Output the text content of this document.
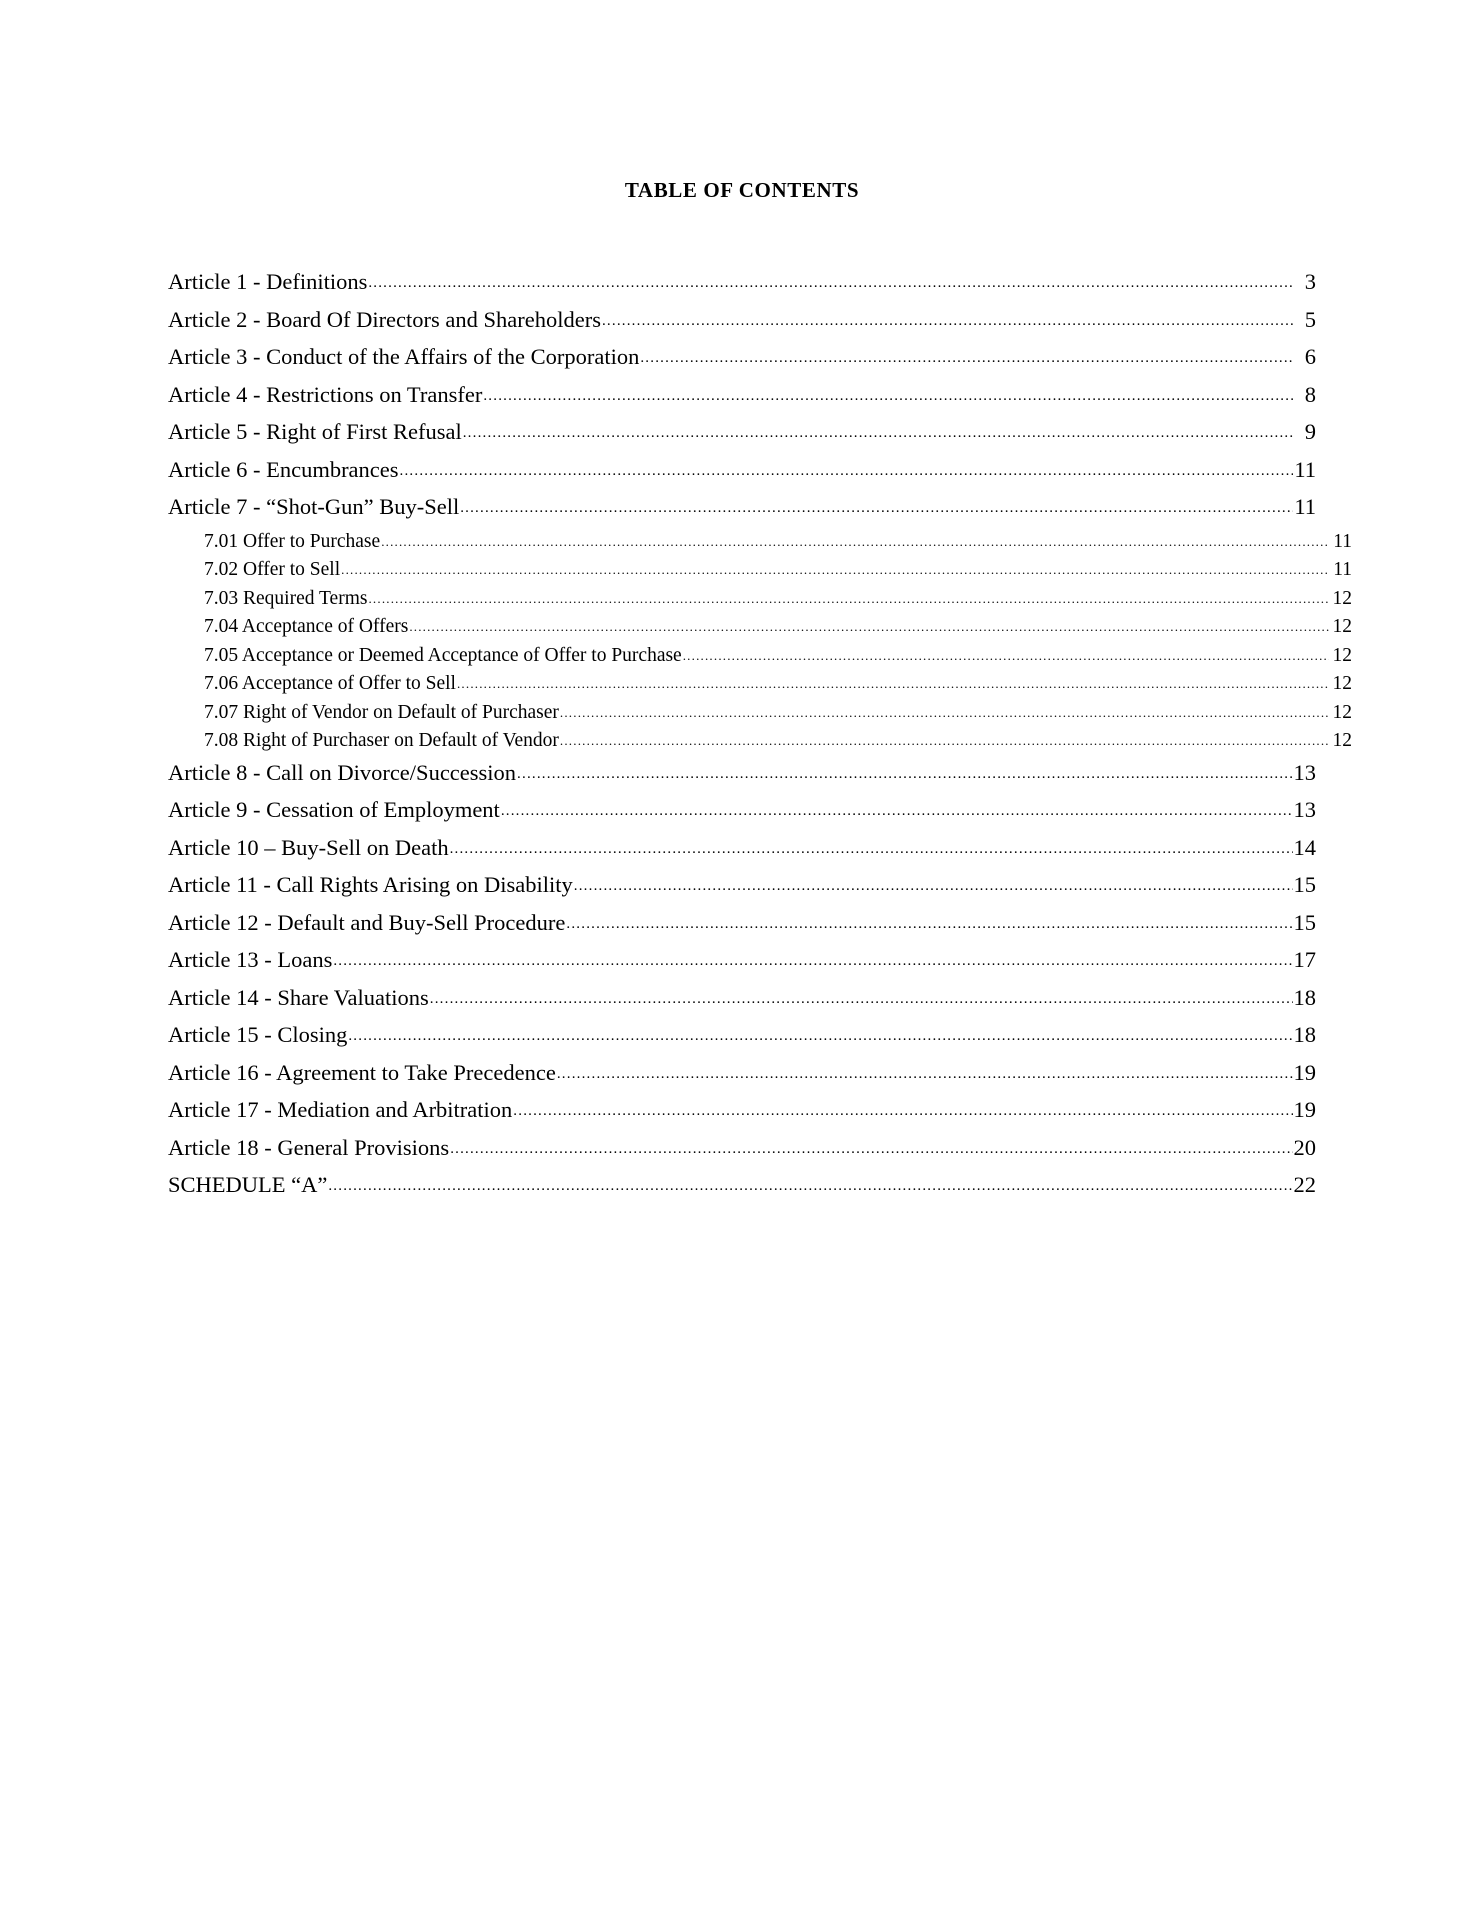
TABLE OF CONTENTS
Article 1 - Definitions .....	3
Article 2 - Board Of Directors and Shareholders .....	5
Article 3 - Conduct of the Affairs of the Corporation .....	6
Article 4 - Restrictions on Transfer .....	8
Article 5 - Right of First Refusal .....	9
Article 6 - Encumbrances .....	11
Article 7 - “Shot-Gun” Buy-Sell .....	11
7.01 Offer to Purchase .....	11
7.02 Offer to Sell .....	11
7.03 Required Terms .....	12
7.04 Acceptance of Offers .....	12
7.05 Acceptance or Deemed Acceptance of Offer to Purchase .....	12
7.06 Acceptance of Offer to Sell .....	12
7.07 Right of Vendor on Default of Purchaser .....	12
7.08 Right of Purchaser on Default of Vendor .....	12
Article 8 - Call on Divorce/Succession .....	13
Article 9 - Cessation of Employment .....	13
Article 10 – Buy-Sell on Death .....	14
Article 11 - Call Rights Arising on Disability .....	15
Article 12 - Default and Buy-Sell Procedure .....	15
Article 13 - Loans .....	17
Article 14 - Share Valuations .....	18
Article 15 - Closing .....	18
Article 16 - Agreement to Take Precedence .....	19
Article 17 - Mediation and Arbitration .....	19
Article 18 - General Provisions .....	20
SCHEDULE “A” .....	22
